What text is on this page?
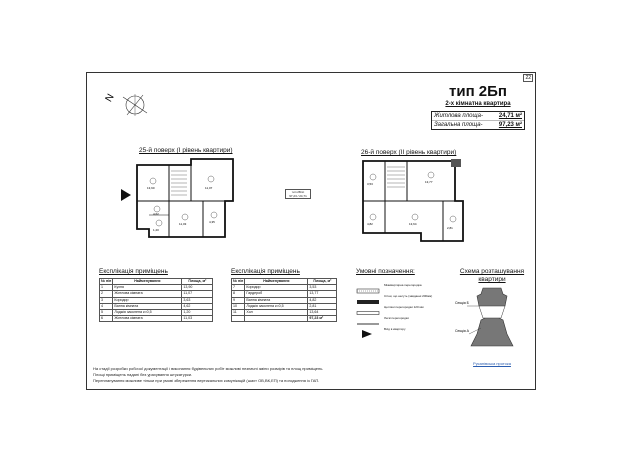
22
N	тип 2Бп
2-х кімнатна квартира
Житлова площа-	24,71 м²
Загальна площа-	97,23 м²
25-й поверх (І рівень квартири)	26-й поверх (ІІ рівень квартири)
13,90	11,07
4,62
11,03	4,35
1,20
тип 2Бпп
97,23 / 24,71
3,53	13,77
4,82	13,64
2,81
Експлікація приміщень
№ п/п	Найменування	Площа, м²
1	Кухня	13,90
2	Житлова кімната	11,07
3	Коридор	3,63
4	Ванна кімната	4,62
5	Лоджія засклена к=0,5	1,20
6	Житлова кімната	11,03
Експлікація приміщень
№ п/п	Найменування	Площа, м²
7	Коридор	3,53
8	Гардероб	13,77
9	Ванна кімната	4,82
10	Лоджія засклена к=0,5	2,81
11	Хол	13,64
		97,23 м²
Умовні позначення:
Міжквартирна перегородка
Стіни, що несуть (завданні 200мм)
Цегляні перегородки 120 мм
Легкі перегородки
Вхід в квартиру
Схема розташування квартири
Секція Б
Секція А
Русанівська протока
На стадії розробки робочої документації і виконання будівельних робіт можливі незначні зміни розмірів та площ приміщень.
Площі приміщень надані без урахування штукатурки.
Перепланування можливе тільки при умові збереження вертикальних комунікацій (шахт ОВ,ВК,ЕП) та погодження із ГАП.
